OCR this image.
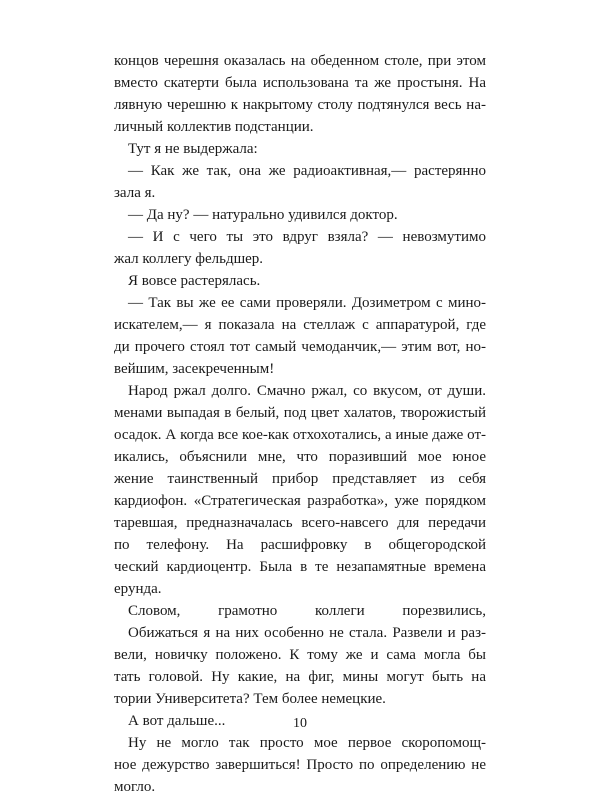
концов черешня оказалась на обеденном столе, при этом
вместо скатерти была использована та же простыня. На
лявную черешню к накрытому столу подтянулся весь на-
личный коллектив подстанции.
Тут я не выдержала:
— Как же так, она же радиоактивная,— растерянно
зала я.
— Да ну? — натурально удивился доктор.
— И с чего ты это вдруг взяла? — невозмутимо
жал коллегу фельдшер.
Я вовсе растерялась.
— Так вы же ее сами проверяли. Дозиметром с мино-
искателем,— я показала на стеллаж с аппаратурой, где
ди прочего стоял тот самый чемоданчик,— этим вот, но-
вейшим, засекреченным!
Народ ржал долго. Смачно ржал, со вкусом, от души.
менами выпадая в белый, под цвет халатов, творожистый
осадок. А когда все кое-как отхохотались, а иные даже от-
икались, объяснили мне, что поразивший мое юное
жение таинственный прибор представляет из себя
кардиофон. «Стратегическая разработка», уже порядком
таревшая, предназначалась всего-навсего для передачи
по телефону. На расшифровку в общегородской
ческий кардиоцентр. Была в те незапамятные времена
ерунда.
Словом, грамотно коллеги порезвились,
Обижаться я на них особенно не стала. Развели и раз-
вели, новичку положено. К тому же и сама могла бы
тать головой. Ну какие, на фиг, мины могут быть на
тории Университета? Тем более немецкие.
А вот дальше...
Ну не могло так просто мое первое скоропомощ-
ное дежурство завершиться! Просто по определению не
могло.
10
